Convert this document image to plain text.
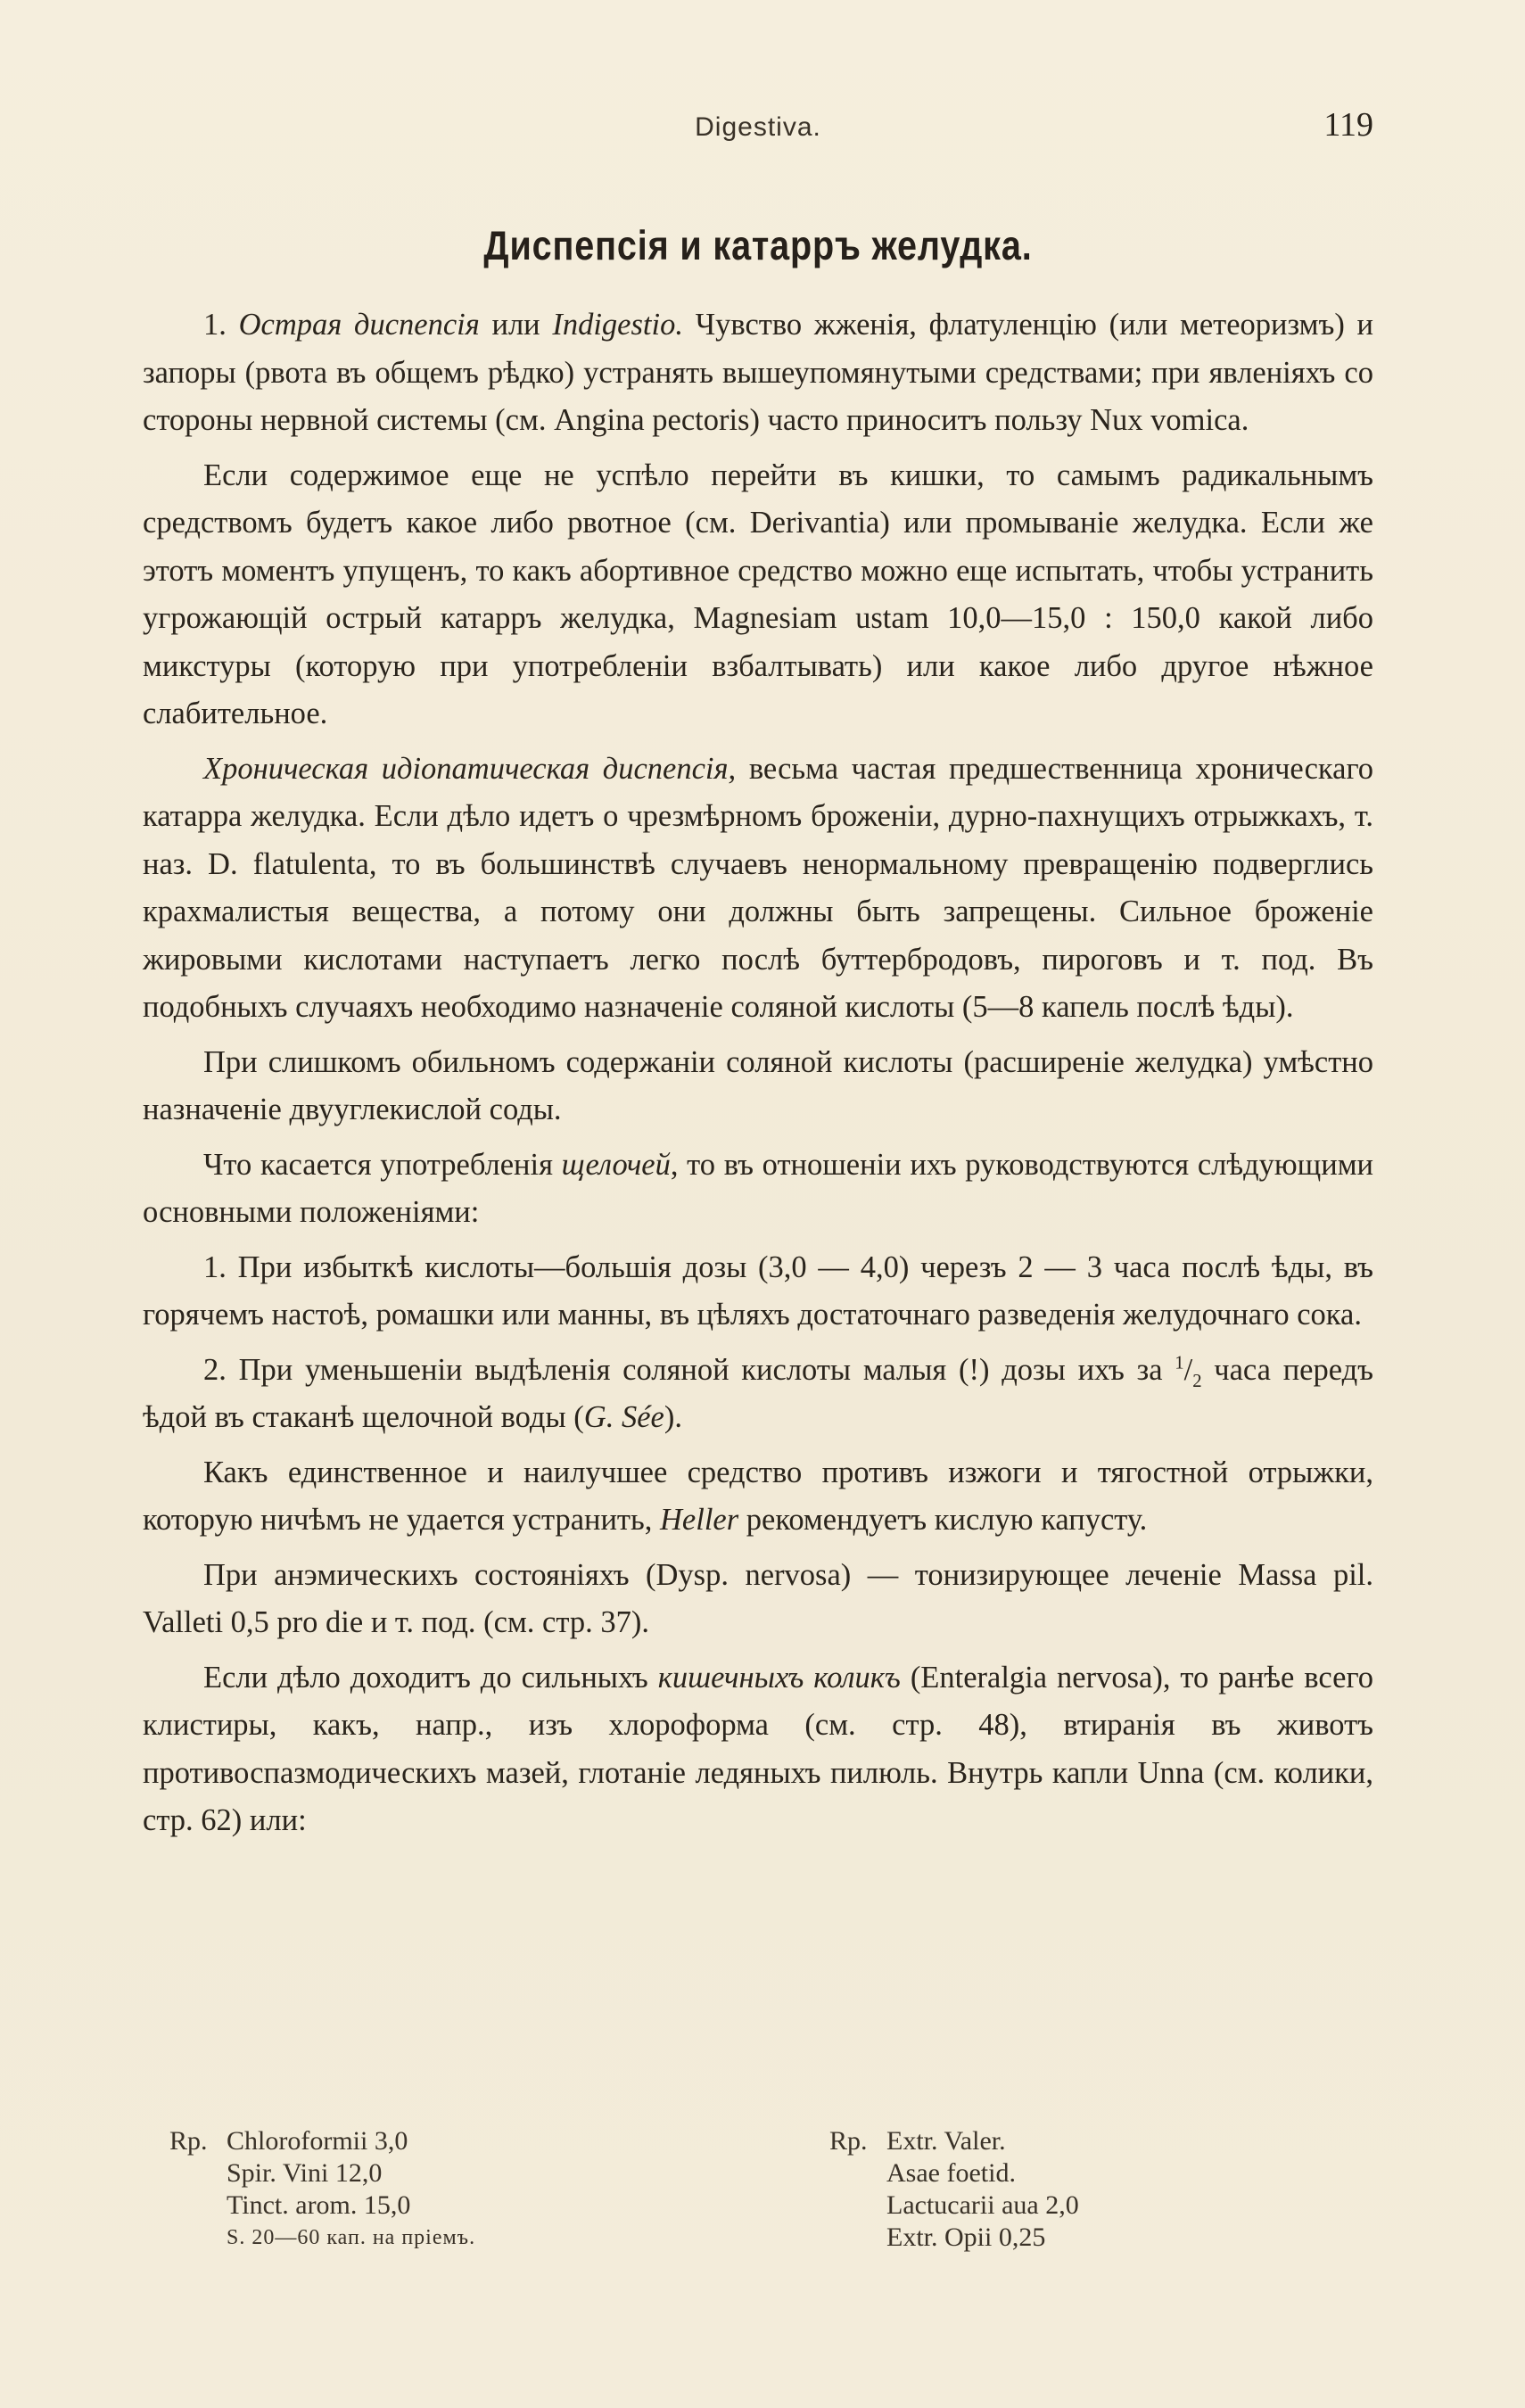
Digestiva.	119
Диспепсія и катарръ желудка.

1. Острая диспепсія или Indigestio. Чувство жженія, флатуленцію (или метеоризмъ) и запоры (рвота въ общемъ рѣдко) устранять вышеупомянутыми средствами; при явленіяхъ со стороны нервной системы (см. Angina pectoris) часто приноситъ пользу Nux vomica.

Если содержимое еще не успѣло перейти въ кишки, то самымъ радикальнымъ средствомъ будетъ какое либо рвотное (см. Derivantia) или промываніе желудка. Если же этотъ моментъ упущенъ, то какъ абортивное средство можно еще испытать, чтобы устранить угрожающій острый катарръ желудка, Magnesiam ustam 10,0—15,0 : 150,0 какой либо микстуры (которую при употребленіи взбалтывать) или какое либо другое нѣжное слабительное.

Хроническая идіопатическая диспепсія, весьма частая предшественница хроническаго катарра желудка. Если дѣло идетъ о чрезмѣрномъ броженіи, дурно-пахнущихъ отрыжкахъ, т. наз. D. flatulenta, то въ большинствѣ случаевъ ненормальному превращенію подверглись крахмалистыя вещества, а потому они должны быть запрещены. Сильное броженіе жировыми кислотами наступаетъ легко послѣ буттербродовъ, пироговъ и т. под. Въ подобныхъ случаяхъ необходимо назначеніе соляной кислоты (5—8 капель послѣ ѣды).

При слишкомъ обильномъ содержаніи соляной кислоты (расширеніе желудка) умѣстно назначеніе двууглекислой соды.

Что касается употребленія щелочей, то въ отношеніи ихъ руководствуются слѣдующими основными положеніями:

1. При избыткѣ кислоты—большія дозы (3,0 — 4,0) черезъ 2 — 3 часа послѣ ѣды, въ горячемъ настоѣ, ромашки или манны, въ цѣляхъ достаточнаго разведенія желудочнаго сока.

2. При уменьшеніи выдѣленія соляной кислоты малыя (!) дозы ихъ за $^1/_2$ часа передъ ѣдой въ стаканѣ щелочной воды (G. Sée).

Какъ единственное и наилучшее средство противъ изжоги и тягостной отрыжки, которую ничѣмъ не удается устранить, Heller рекомендуетъ кислую капусту.

При анэмическихъ состояніяхъ (Dysp. nervosa) — тонизирующее леченіе Massa pil. Valleti 0,5 pro die и т. под. (см. стр. 37).

Если дѣло доходитъ до сильныхъ кишечныхъ коликъ (Enteralgia nervosa), то ранѣе всего клистиры, какъ, напр., изъ хлороформа (см. стр. 48), втиранія въ животъ противоспазмодическихъ мазей, глотаніе ледяныхъ пилюль. Внутрь капли Unna (см. колики, стр. 62) или:

Rp. Chloroformii 3,0
Spir. Vini 12,0
Tinct. arom. 15,0
S. 20—60 кап. на пріемъ.
Rp. Extr. Valer.
Asae foetid.
Lactucarii aua 2,0
Extr. Opii 0,25
